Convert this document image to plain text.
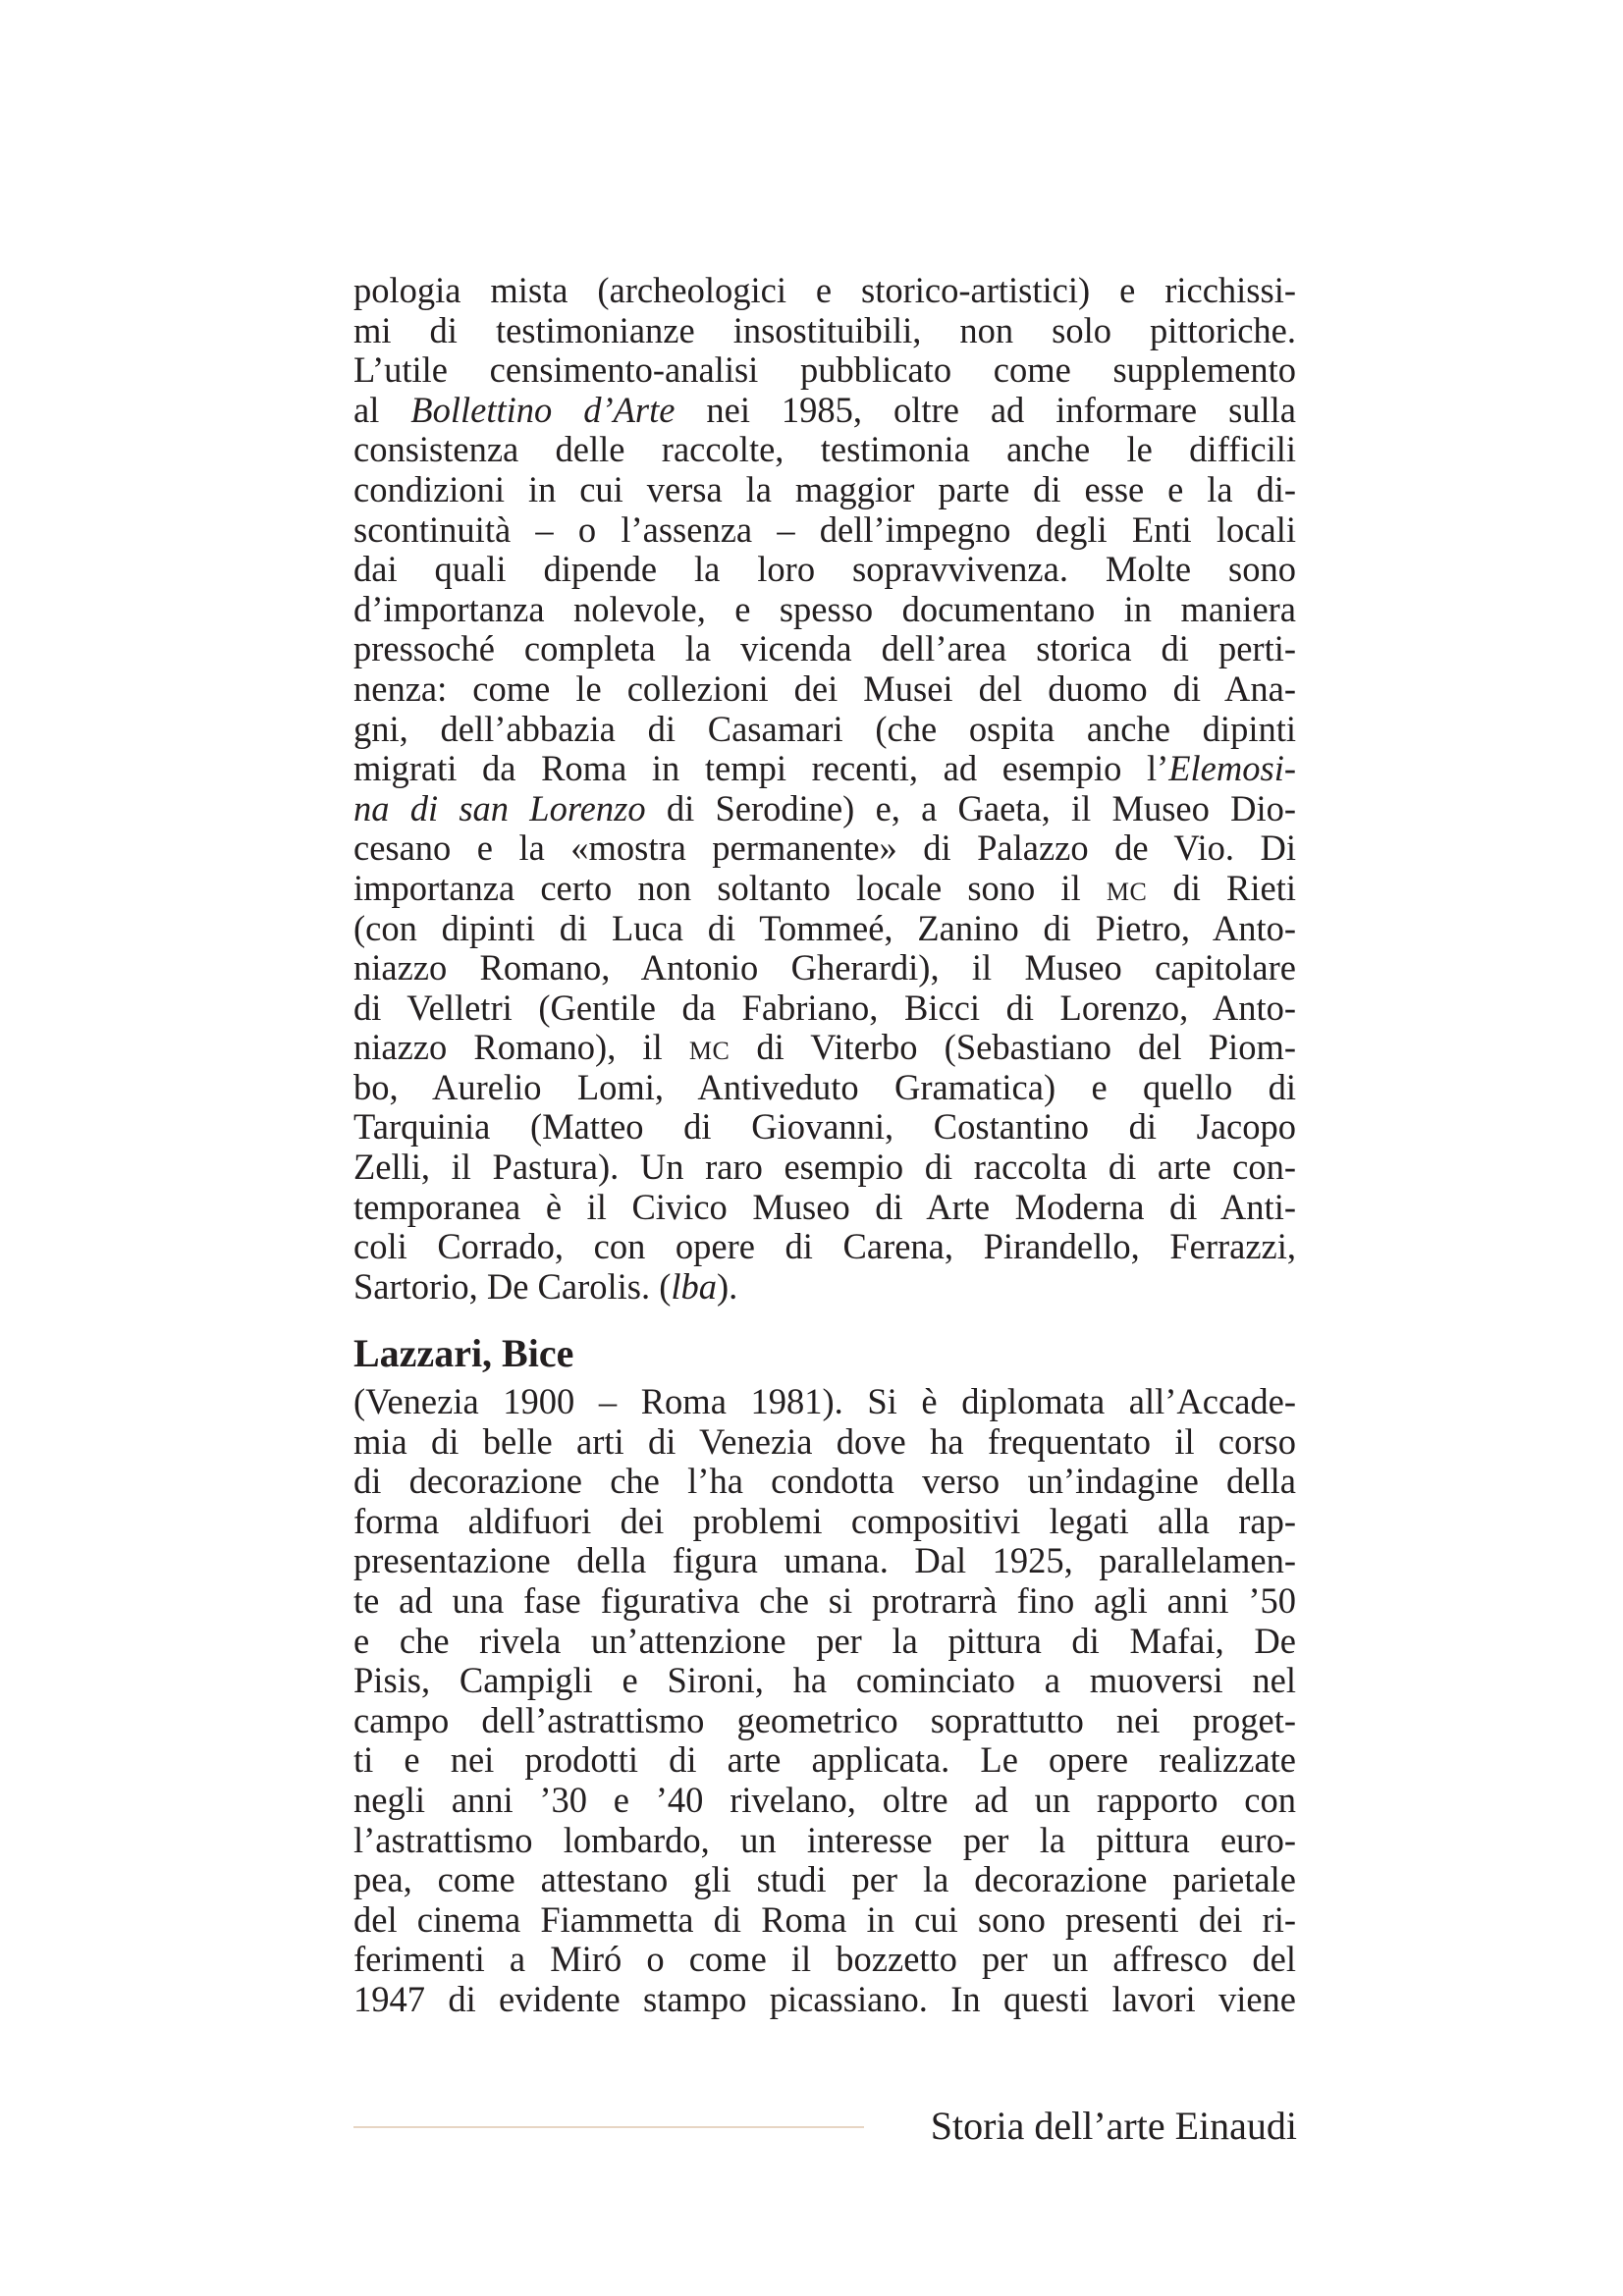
pologia mista (archeologici e storico-artistici) e ricchissi-
mi di testimonianze insostituibili, non solo pittoriche.
L’utile censimento-analisi pubblicato come supplemento
al Bollettino d’Arte nei 1985, oltre ad informare sulla
consistenza delle raccolte, testimonia anche le difficili
condizioni in cui versa la maggior parte di esse e la di-
scontinuità – o l’assenza – dell’impegno degli Enti locali
dai quali dipende la loro sopravvivenza. Molte sono
d’importanza nolevole, e spesso documentano in maniera
pressoché completa la vicenda dell’area storica di perti-
nenza: come le collezioni dei Musei del duomo di Ana-
gni, dell’abbazia di Casamari (che ospita anche dipinti
migrati da Roma in tempi recenti, ad esempio l’Elemosi-
na di san Lorenzo di Serodine) e, a Gaeta, il Museo Dio-
cesano e la «mostra permanente» di Palazzo de Vio. Di
importanza certo non soltanto locale sono il mc di Rieti
(con dipinti di Luca di Tommeé, Zanino di Pietro, Anto-
niazzo Romano, Antonio Gherardi), il Museo capitolare
di Velletri (Gentile da Fabriano, Bicci di Lorenzo, Anto-
niazzo Romano), il mc di Viterbo (Sebastiano del Piom-
bo, Aurelio Lomi, Antiveduto Gramatica) e quello di
Tarquinia (Matteo di Giovanni, Costantino di Jacopo
Zelli, il Pastura). Un raro esempio di raccolta di arte con-
temporanea è il Civico Museo di Arte Moderna di Anti-
coli Corrado, con opere di Carena, Pirandello, Ferrazzi,
Sartorio, De Carolis. (lba).
Lazzari, Bice
(Venezia 1900 – Roma 1981). Si è diplomata all’Accade-
mia di belle arti di Venezia dove ha frequentato il corso
di decorazione che l’ha condotta verso un’indagine della
forma aldifuori dei problemi compositivi legati alla rap-
presentazione della figura umana. Dal 1925, parallelamen-
te ad una fase figurativa che si protrarrà fino agli anni ’50
e che rivela un’attenzione per la pittura di Mafai, De
Pisis, Campigli e Sironi, ha cominciato a muoversi nel
campo dell’astrattismo geometrico soprattutto nei proget-
ti e nei prodotti di arte applicata. Le opere realizzate
negli anni ’30 e ’40 rivelano, oltre ad un rapporto con
l’astrattismo lombardo, un interesse per la pittura euro-
pea, come attestano gli studi per la decorazione parietale
del cinema Fiammetta di Roma in cui sono presenti dei ri-
ferimenti a Miró o come il bozzetto per un affresco del
1947 di evidente stampo picassiano. In questi lavori viene
Storia dell’arte Einaudi
